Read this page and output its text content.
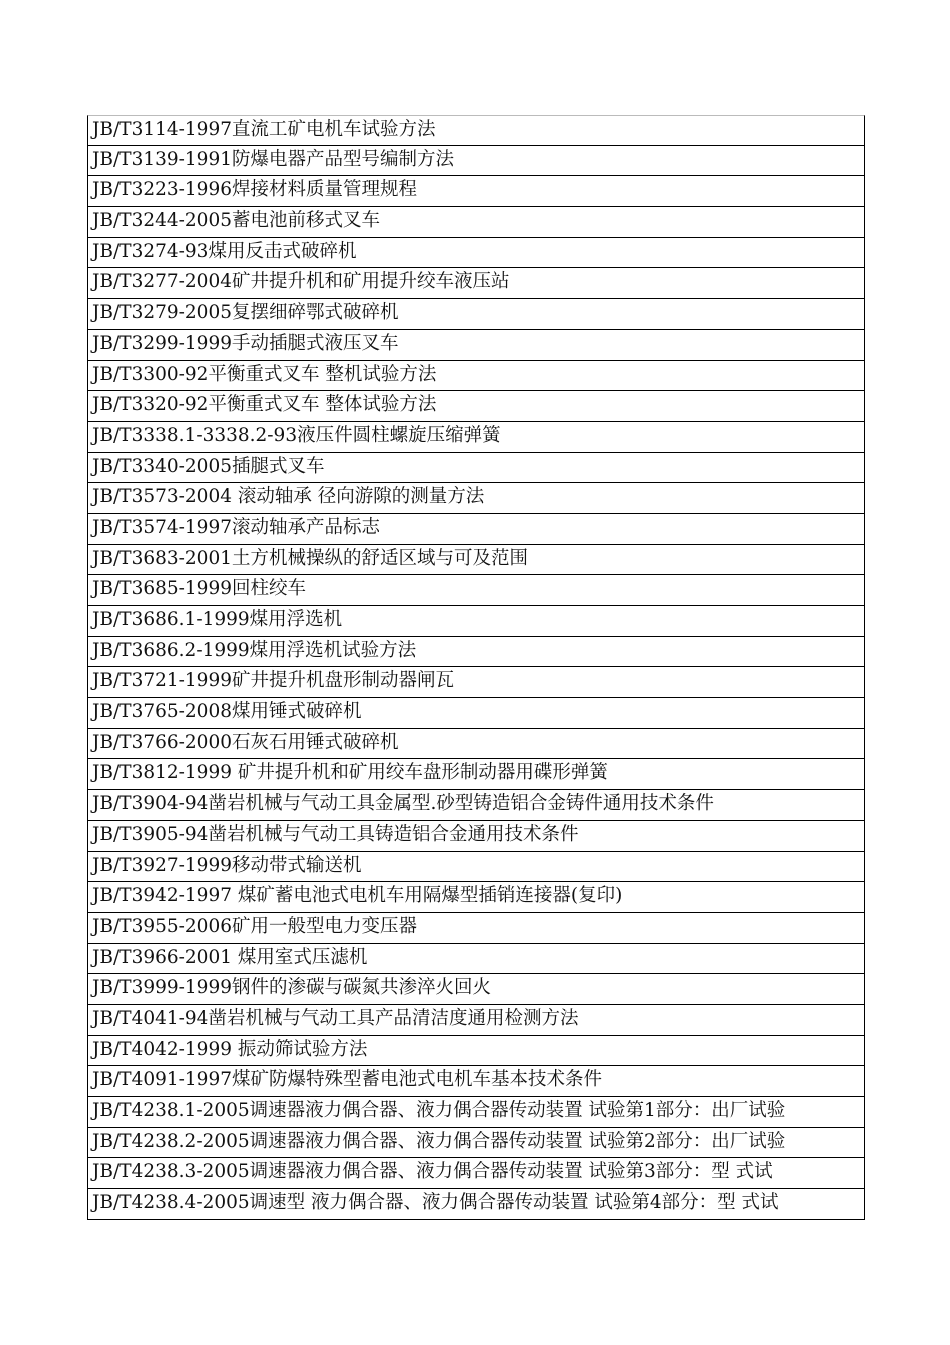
JB/T3114-1997直流工矿电机车试验方法
JB/T3139-1991防爆电器产品型号编制方法
JB/T3223-1996焊接材料质量管理规程
JB/T3244-2005蓄电池前移式叉车
JB/T3274-93煤用反击式破碎机
JB/T3277-2004矿井提升机和矿用提升绞车液压站
JB/T3279-2005复摆细碎鄂式破碎机
JB/T3299-1999手动插腿式液压叉车
JB/T3300-92平衡重式叉车 整机试验方法
JB/T3320-92平衡重式叉车 整体试验方法
JB/T3338.1-3338.2-93液压件圆柱螺旋压缩弹簧
JB/T3340-2005插腿式叉车
JB/T3573-2004 滚动轴承 径向游隙的测量方法
JB/T3574-1997滚动轴承产品标志
JB/T3683-2001土方机械操纵的舒适区域与可及范围
JB/T3685-1999回柱绞车
JB/T3686.1-1999煤用浮选机
JB/T3686.2-1999煤用浮选机试验方法
JB/T3721-1999矿井提升机盘形制动器闸瓦
JB/T3765-2008煤用锤式破碎机
JB/T3766-2000石灰石用锤式破碎机
JB/T3812-1999 矿井提升机和矿用绞车盘形制动器用碟形弹簧
JB/T3904-94凿岩机械与气动工具金属型.砂型铸造铝合金铸件通用技术条件
JB/T3905-94凿岩机械与气动工具铸造铝合金通用技术条件
JB/T3927-1999移动带式输送机
JB/T3942-1997 煤矿蓄电池式电机车用隔爆型插销连接器(复印)
JB/T3955-2006矿用一般型电力变压器
JB/T3966-2001 煤用室式压滤机
JB/T3999-1999钢件的渗碳与碳氮共渗淬火回火
JB/T4041-94凿岩机械与气动工具产品清洁度通用检测方法
JB/T4042-1999 振动筛试验方法
JB/T4091-1997煤矿防爆特殊型蓄电池式电机车基本技术条件
JB/T4238.1-2005调速器液力偶合器、液力偶合器传动装置 试验第1部分：出厂试验
JB/T4238.2-2005调速器液力偶合器、液力偶合器传动装置 试验第2部分：出厂试验
JB/T4238.3-2005调速器液力偶合器、液力偶合器传动装置 试验第3部分：型 式试
JB/T4238.4-2005调速型 液力偶合器、液力偶合器传动装置 试验第4部分：型 式试
